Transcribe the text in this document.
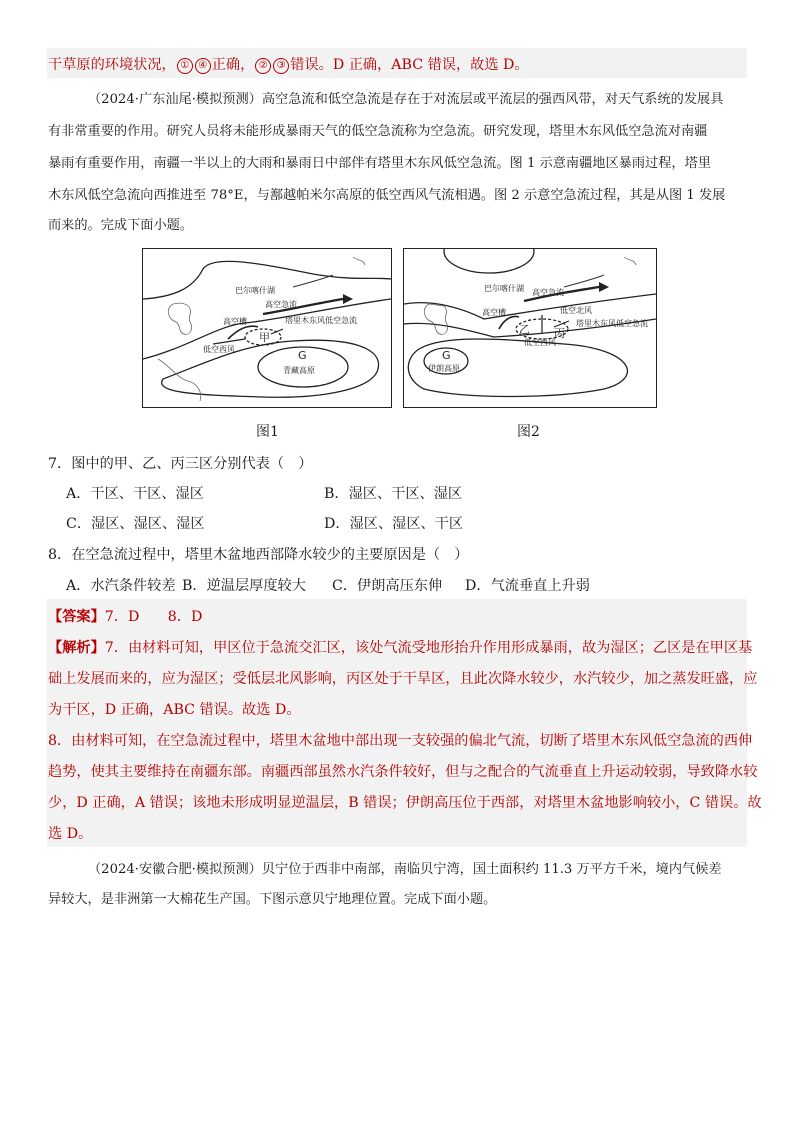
干草原的环境状况， ① ④ 正确， ② ③ 错误。D 正确，ABC 错误，故选 D。
（2024·广东汕尾·模拟预测）高空急流和低空急流是存在于对流层或平流层的强西风带，对天气系统的发展具
有非常重要的作用。研究人员将未能形成暴雨天气的低空急流称为空急流。研究发现，塔里木东风低空急流对南疆
暴雨有重要作用，南疆一半以上的大雨和暴雨日中部伴有塔里木东风低空急流。图 1 示意南疆地区暴雨过程，塔里
木东风低空急流向西推进至 78°E，与鄯越帕米尔高原的低空西风气流相遇。图 2 示意空急流过程，其是从图 1 发展
而来的。完成下面小题。
巴尔喀什湖
高空急流
高空槽	塔里木东风低空急流
低空西风
甲
G
青藏高原
图1
巴尔喀什湖 高空急流
高空槽
乙 丙
低空北风
塔里木东风低空急流
低空西风
G
伊朗高原
图2
7．图中的甲、乙、丙三区分别代表（　）
A．干区、干区、湿区	B．湿区、干区、湿区
C．湿区、湿区、湿区	D．湿区、湿区、干区
8．在空急流过程中，塔里木盆地西部降水较少的主要原因是（　）
A．水汽条件较差 B．逆温层厚度较大 C．伊朗高压东伸 D．气流垂直上升弱
【答案】7．D　　8．D
【解析】7．由材料可知，甲区位于急流交汇区，该处气流受地形抬升作用形成暴雨，故为湿区；乙区是在甲区基
础上发展而来的，应为湿区；受低层北风影响，丙区处于干旱区，且此次降水较少，水汽较少，加之蒸发旺盛，应
为干区，D 正确，ABC 错误。故选 D。
8．由材料可知，在空急流过程中，塔里木盆地中部出现一支较强的偏北气流，切断了塔里木东风低空急流的西伸
趋势，使其主要维持在南疆东部。南疆西部虽然水汽条件较好，但与之配合的气流垂直上升运动较弱，导致降水较
少，D 正确，A 错误；该地未形成明显逆温层，B 错误；伊朗高压位于西部，对塔里木盆地影响较小，C 错误。故
选 D。
（2024·安徽合肥·模拟预测）贝宁位于西非中南部，南临贝宁湾，国土面积约 11.3 万平方千米，境内气候差
异较大，是非洲第一大棉花生产国。下图示意贝宁地理位置。完成下面小题。
